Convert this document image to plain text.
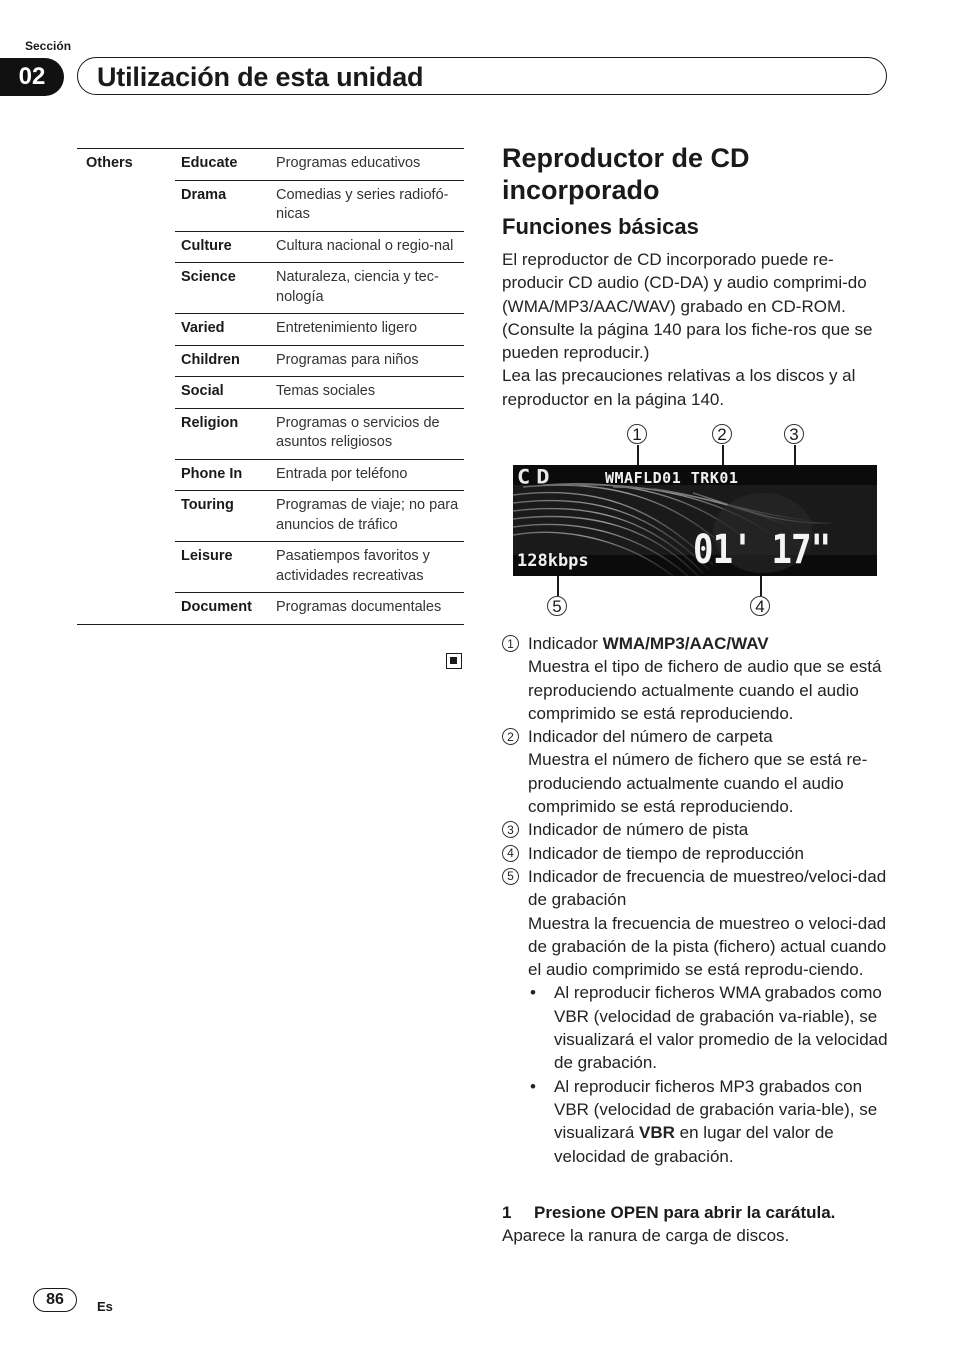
Sección
02	Utilización de esta unidad
Others	Educate	Programas educativos
	Drama	Comedias y series radiofó-nicas
	Culture	Cultura nacional o regio-nal
	Science	Naturaleza, ciencia y tec-nología
	Varied	Entretenimiento ligero
	Children	Programas para niños
	Social	Temas sociales
	Religion	Programas o servicios de asuntos religiosos
	Phone In	Entrada por teléfono
	Touring	Programas de viaje; no para anuncios de tráfico
	Leisure	Pasatiempos favoritos y actividades recreativas
	Document	Programas documentales
Reproductor de CD incorporado
Funciones básicas
El reproductor de CD incorporado puede re-producir CD audio (CD-DA) y audio comprimi-do (WMA/MP3/AAC/WAV) grabado en CD-ROM. (Consulte la página 140 para los fiche-ros que se pueden reproducir.)
Lea las precauciones relativas a los discos y al reproductor en la página 140.
1	2	3
CD	WMAFLD01 TRK01
128kbps	01' 17"
5	4
1 Indicador WMA/MP3/AAC/WAV
Muestra el tipo de fichero de audio que se está reproduciendo actualmente cuando el audio comprimido se está reproduciendo.
2 Indicador del número de carpeta
Muestra el número de fichero que se está re-produciendo actualmente cuando el audio comprimido se está reproduciendo.
3 Indicador de número de pista
4 Indicador de tiempo de reproducción
5 Indicador de frecuencia de muestreo/veloci-dad de grabación
Muestra la frecuencia de muestreo o veloci-dad de grabación de la pista (fichero) actual cuando el audio comprimido se está reprodu-ciendo.
• Al reproducir ficheros WMA grabados como VBR (velocidad de grabación va-riable), se visualizará el valor promedio de la velocidad de grabación.
• Al reproducir ficheros MP3 grabados con VBR (velocidad de grabación varia-ble), se visualizará VBR en lugar del valor de velocidad de grabación.
1 Presione OPEN para abrir la carátula.
Aparece la ranura de carga de discos.
86	Es
